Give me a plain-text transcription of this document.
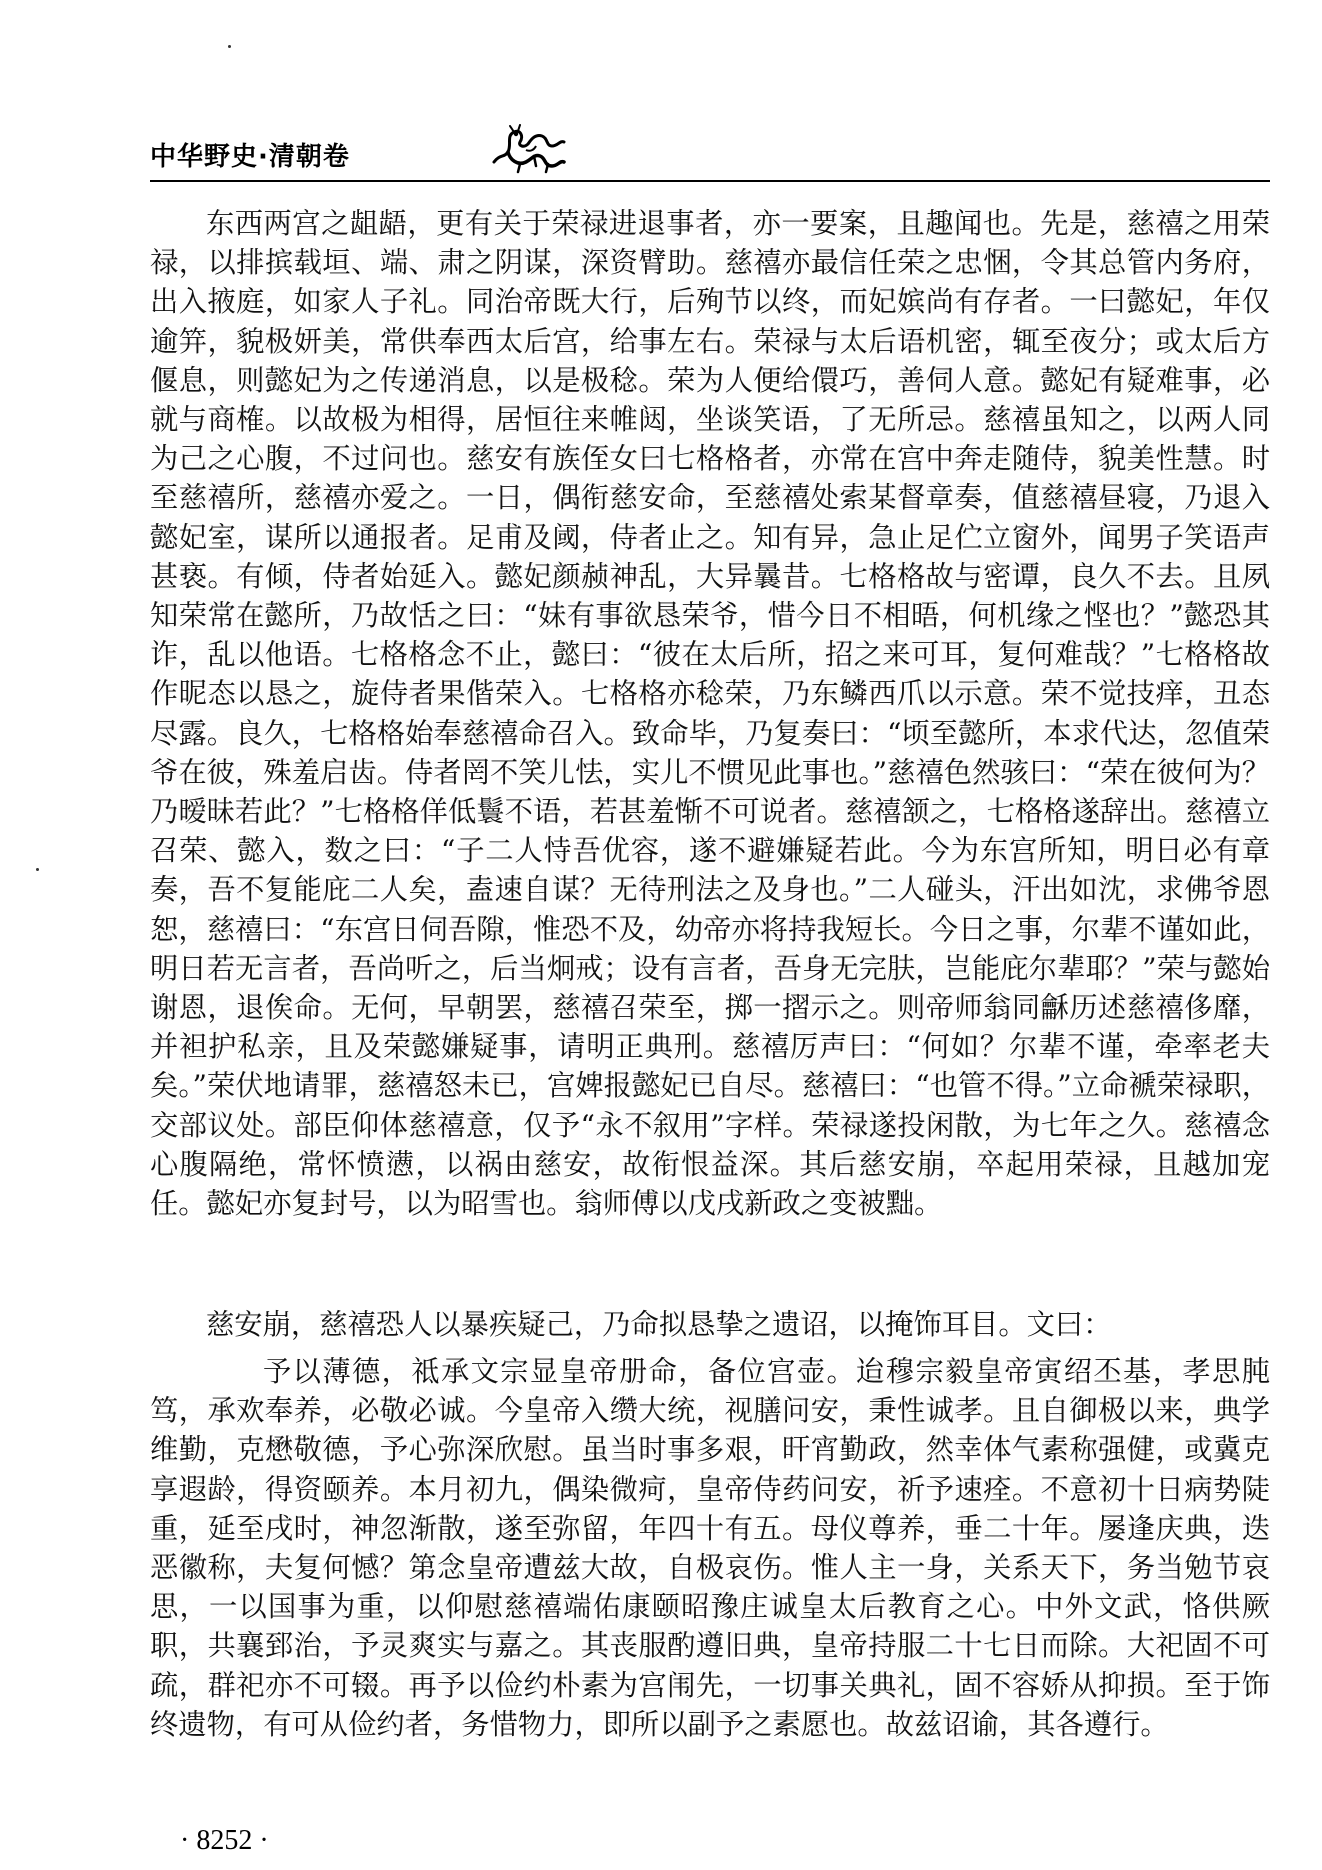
中华野史·清朝卷

东西两宫之龃龉，更有关于荣禄进退事者，亦一要案，且趣闻也。先是，慈禧之用荣禄，以排摈载垣、端、肃之阴谋，深资臂助。慈禧亦最信任荣之忠悃，令其总管内务府，出入掖庭，如家人子礼。同治帝既大行，后殉节以终，而妃嫔尚有存者。一曰懿妃，年仅逾笄，貌极妍美，常供奉西太后宫，给事左右。荣禄与太后语机密，辄至夜分；或太后方偃息，则懿妃为之传递消息，以是极稔。荣为人便给儇巧，善伺人意。懿妃有疑难事，必就与商榷。以故极为相得，居恒往来帷闼，坐谈笑语，了无所忌。慈禧虽知之，以两人同为己之心腹，不过问也。慈安有族侄女曰七格格者，亦常在宫中奔走随侍，貌美性慧。时至慈禧所，慈禧亦爱之。一日，偶衔慈安命，至慈禧处索某督章奏，值慈禧昼寝，乃退入懿妃室，谋所以通报者。足甫及阈，侍者止之。知有异，急止足伫立窗外，闻男子笑语声甚亵。有倾，侍者始延入。懿妃颜赪神乱，大异曩昔。七格格故与密谭，良久不去。且夙知荣常在懿所，乃故恬之曰：“妹有事欲恳荣爷，惜今日不相晤，何机缘之悭也？”懿恐其诈，乱以他语。七格格念不止，懿曰：“彼在太后所，招之来可耳，复何难哉？”七格格故作昵态以恳之，旋侍者果偕荣入。七格格亦稔荣，乃东鳞西爪以示意。荣不觉技痒，丑态尽露。良久，七格格始奉慈禧命召入。致命毕，乃复奏曰：“顷至懿所，本求代达，忽值荣爷在彼，殊羞启齿。侍者罔不笑儿怯，实儿不惯见此事也。”慈禧色然骇曰：“荣在彼何为？乃暧昧若此？”七格格佯低鬟不语，若甚羞惭不可说者。慈禧颔之，七格格遂辞出。慈禧立召荣、懿入，数之曰：“子二人恃吾优容，遂不避嫌疑若此。今为东宫所知，明日必有章奏，吾不复能庇二人矣，盍速自谋？无待刑法之及身也。”二人碰头，汗出如沈，求佛爷恩恕，慈禧曰：“东宫日伺吾隙，惟恐不及，幼帝亦将持我短长。今日之事，尔辈不谨如此，明日若无言者，吾尚听之，后当炯戒；设有言者，吾身无完肤，岂能庇尔辈耶？”荣与懿始谢恩，退俟命。无何，早朝罢，慈禧召荣至，掷一摺示之。则帝师翁同龢历述慈禧侈靡，并袒护私亲，且及荣懿嫌疑事，请明正典刑。慈禧厉声曰：“何如？尔辈不谨，牵率老夫矣。”荣伏地请罪，慈禧怒未已，宫婢报懿妃已自尽。慈禧曰：“也管不得。”立命褫荣禄职，交部议处。部臣仰体慈禧意，仅予“永不叙用”字样。荣禄遂投闲散，为七年之久。慈禧念心腹隔绝，常怀愤懑，以祸由慈安，故衔恨益深。其后慈安崩，卒起用荣禄，且越加宠任。懿妃亦复封号，以为昭雪也。翁师傅以戊戌新政之变被黜。

慈安崩，慈禧恐人以暴疾疑己，乃命拟恳挚之遗诏，以掩饰耳目。文曰：

予以薄德，祗承文宗显皇帝册命，备位宫壶。迨穆宗毅皇帝寅绍丕基，孝思肫笃，承欢奉养，必敬必诚。今皇帝入缵大统，视膳问安，秉性诚孝。且自御极以来，典学维勤，克懋敬德，予心弥深欣慰。虽当时事多艰，旰宵勤政，然幸体气素称强健，或冀克享遐龄，得资颐养。本月初九，偶染微疴，皇帝侍药问安，祈予速痊。不意初十日病势陡重，延至戌时，神忽渐散，遂至弥留，年四十有五。母仪尊养，垂二十年。屡逢庆典，迭恶徽称，夫复何憾？第念皇帝遭兹大故，自极哀伤。惟人主一身，关系天下，务当勉节哀思，一以国事为重，以仰慰慈禧端佑康颐昭豫庄诚皇太后教育之心。中外文武，恪供厥职，共襄郅治，予灵爽实与嘉之。其丧服酌遵旧典，皇帝持服二十七日而除。大祀固不可疏，群祀亦不可辍。再予以俭约朴素为宫闱先，一切事关典礼，固不容娇从抑损。至于饰终遗物，有可从俭约者，务惜物力，即所以副予之素愿也。故兹诏谕，其各遵行。

· 8252 ·
